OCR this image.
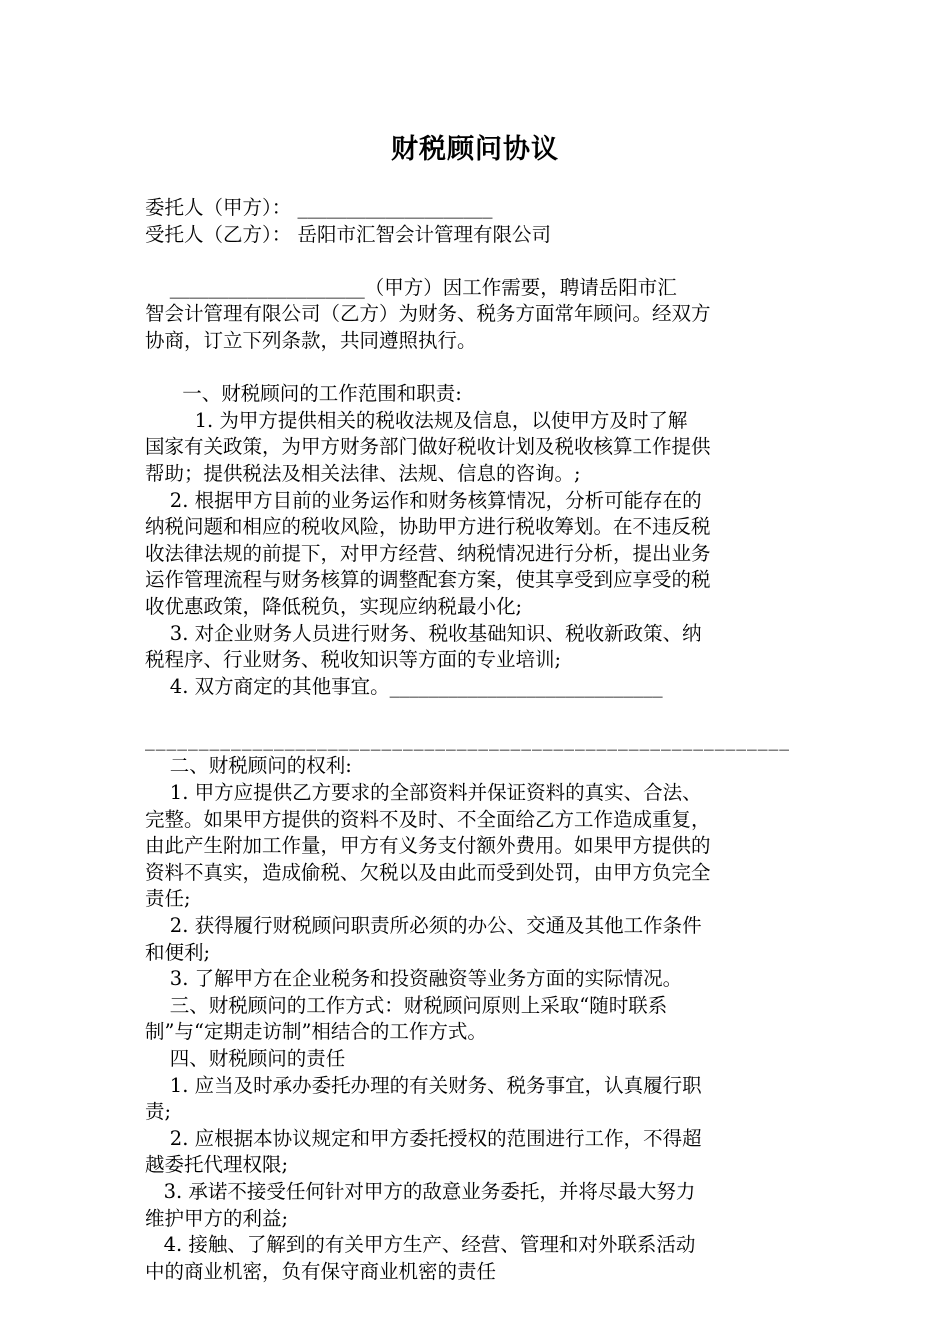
财税顾问协议
委托人（甲方）： ____________________
受托人（乙方）： 岳阳市汇智会计管理有限公司
____________________（甲方）因工作需要，聘请岳阳市汇
智会计管理有限公司（乙方）为财务、税务方面常年顾问。经双方
协商，订立下列条款，共同遵照执行。
一、财税顾问的工作范围和职责:
1. 为甲方提供相关的税收法规及信息，以使甲方及时了解
国家有关政策，为甲方财务部门做好税收计划及税收核算工作提供
帮助；提供税法及相关法律、法规、信息的咨询。;
2. 根据甲方目前的业务运作和财务核算情况，分析可能存在的
纳税问题和相应的税收风险，协助甲方进行税收筹划。在不违反税
收法律法规的前提下，对甲方经营、纳税情况进行分析，提出业务
运作管理流程与财务核算的调整配套方案，使其享受到应享受的税
收优惠政策，降低税负，实现应纳税最小化;
3. 对企业财务人员进行财务、税收基础知识、税收新政策、纳
税程序、行业财务、税收知识等方面的专业培训;
4. 双方商定的其他事宜。____________________________
____________________________________________________________
二、财税顾问的权利:
1. 甲方应提供乙方要求的全部资料并保证资料的真实、合法、
完整。如果甲方提供的资料不及时、不全面给乙方工作造成重复，
由此产生附加工作量，甲方有义务支付额外费用。如果甲方提供的
资料不真实，造成偷税、欠税以及由此而受到处罚，由甲方负完全
责任;
2. 获得履行财税顾问职责所必须的办公、交通及其他工作条件
和便利;
3. 了解甲方在企业税务和投资融资等业务方面的实际情况。
三、财税顾问的工作方式：财税顾问原则上采取“随时联系
制”与“定期走访制”相结合的工作方式。
四、财税顾问的责任
1. 应当及时承办委托办理的有关财务、税务事宜，认真履行职
责;
2. 应根据本协议规定和甲方委托授权的范围进行工作，不得超
越委托代理权限;
3. 承诺不接受任何针对甲方的敌意业务委托，并将尽最大努力
维护甲方的利益;
4. 接触、了解到的有关甲方生产、经营、管理和对外联系活动
中的商业机密，负有保守商业机密的责任
